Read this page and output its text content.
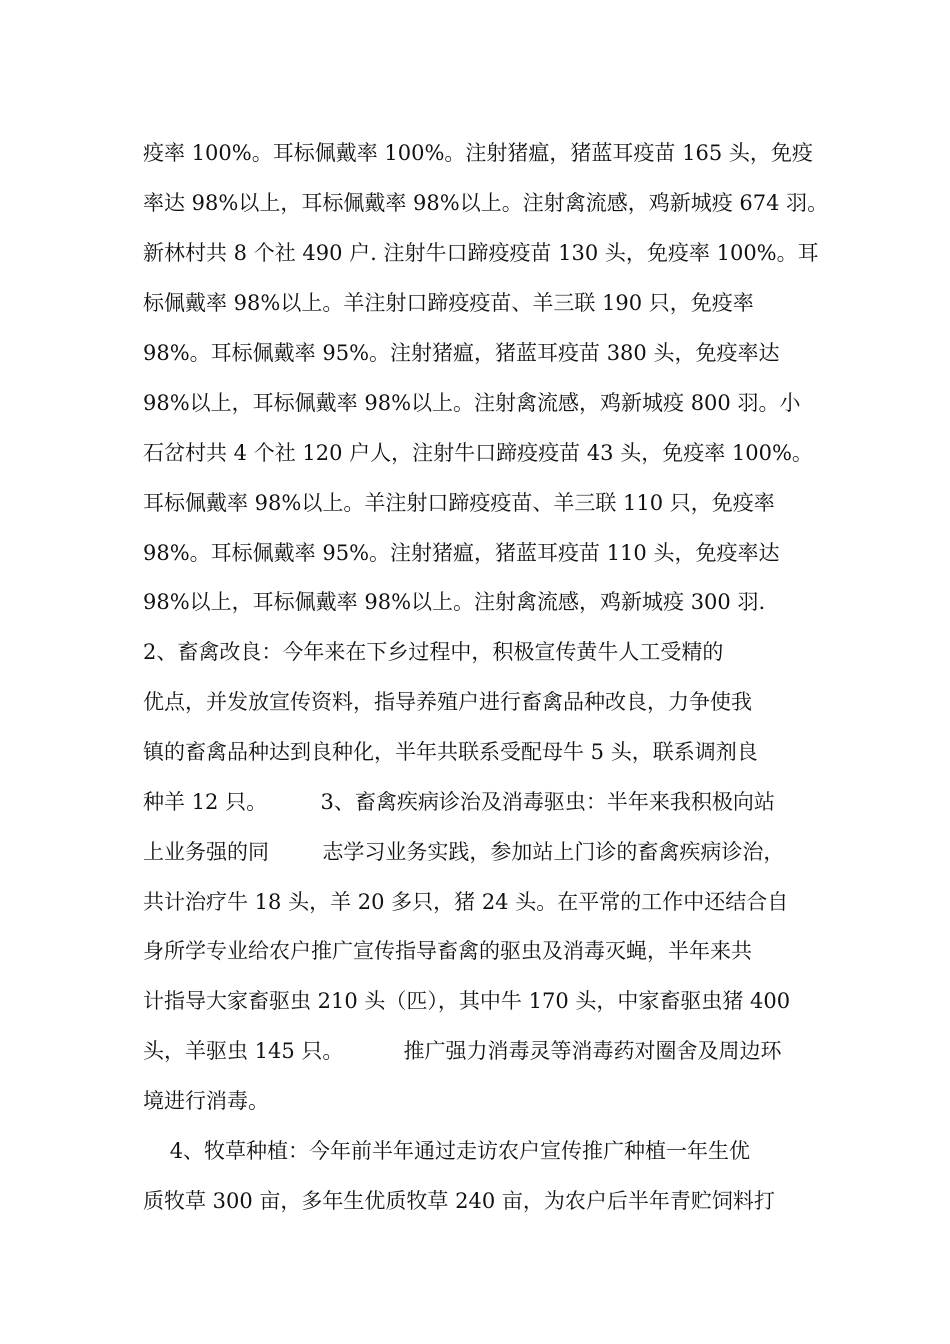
疫率 100%。耳标佩戴率 100%。注射猪瘟，猪蓝耳疫苗 165 头，免疫
率达 98%以上，耳标佩戴率 98%以上。注射禽流感，鸡新城疫 674 羽。
新林村共 8 个社 490 户. 注射牛口蹄疫疫苗 130 头，免疫率 100%。耳
标佩戴率 98%以上。羊注射口蹄疫疫苗、羊三联 190 只，免疫率
98%。耳标佩戴率 95%。注射猪瘟，猪蓝耳疫苗 380 头，免疫率达
98%以上，耳标佩戴率 98%以上。注射禽流感，鸡新城疫 800 羽。小
石岔村共 4 个社 120 户人，注射牛口蹄疫疫苗 43 头，免疫率 100%。
耳标佩戴率 98%以上。羊注射口蹄疫疫苗、羊三联 110 只，免疫率
98%。耳标佩戴率 95%。注射猪瘟，猪蓝耳疫苗 110 头，免疫率达
98%以上，耳标佩戴率 98%以上。注射禽流感，鸡新城疫 300 羽.
2、畜禽改良：今年来在下乡过程中，积极宣传黄牛人工受精的
优点，并发放宣传资料，指导养殖户进行畜禽品种改良，力争使我
镇的畜禽品种达到良种化，半年共联系受配母牛 5 头，联系调剂良
种羊 12 只。        3、畜禽疾病诊治及消毒驱虫：半年来我积极向站
上业务强的同        志学习业务实践，参加站上门诊的畜禽疾病诊治，
共计治疗牛 18 头，羊 20 多只，猪 24 头。在平常的工作中还结合自
身所学专业给农户推广宣传指导畜禽的驱虫及消毒灭蝇，半年来共
计指导大家畜驱虫 210 头（匹），其中牛 170 头，中家畜驱虫猪 400
头，羊驱虫 145 只。         推广强力消毒灵等消毒药对圈舍及周边环
境进行消毒。
4、牧草种植：今年前半年通过走访农户宣传推广种植一年生优
质牧草 300 亩，多年生优质牧草 240 亩，为农户后半年青贮饲料打
